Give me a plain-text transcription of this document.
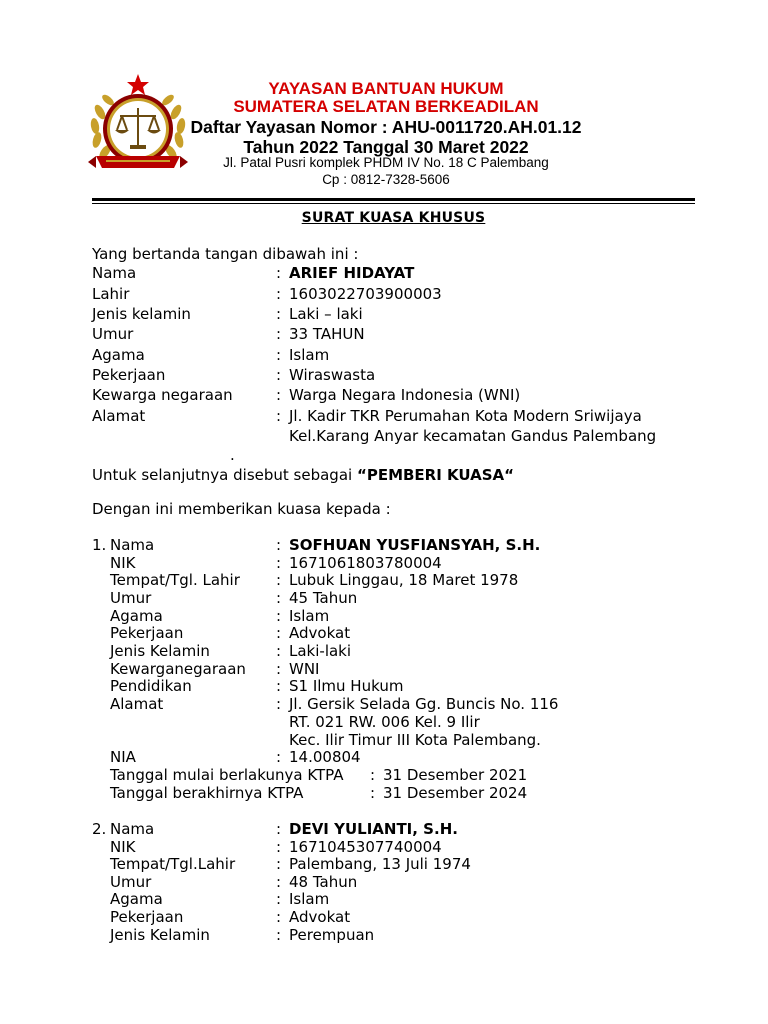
YAYASAN BANTUAN HUKUM
SUMATERA SELATAN BERKEADILAN
Daftar Yayasan Nomor : AHU-0011720.AH.01.12
Tahun 2022 Tanggal 30 Maret 2022
Jl. Patal Pusri komplek PHDM IV No. 18 C Palembang
Cp : 0812-7328-5606
SURAT KUASA KHUSUS
Yang bertanda tangan dibawah ini :
Nama	: ARIEF HIDAYAT
Lahir	: 1603022703900003
Jenis kelamin	: Laki – laki
Umur	: 33 TAHUN
Agama	: Islam
Pekerjaan	: Wiraswasta
Kewarga negaraan	: Warga Negara Indonesia (WNI)
Alamat	: Jl. Kadir TKR Perumahan Kota Modern Sriwijaya
Kel.Karang Anyar kecamatan Gandus Palembang
.
Untuk selanjutnya disebut sebagai “PEMBERI KUASA“
Dengan ini memberikan kuasa kepada :
1. Nama	: SOFHUAN YUSFIANSYAH, S.H.
NIK	: 1671061803780004
Tempat/Tgl. Lahir : Lubuk Linggau, 18 Maret 1978
Umur	: 45 Tahun
Agama	: Islam
Pekerjaan	: Advokat
Jenis Kelamin	: Laki-laki
Kewarganegaraan : WNI
Pendidikan	: S1 Ilmu Hukum
Alamat	: Jl. Gersik Selada Gg. Buncis No. 116
RT. 021 RW. 006 Kel. 9 Ilir
Kec. Ilir Timur III Kota Palembang.
NIA	: 14.00804
Tanggal mulai berlakunya KTPA : 31 Desember 2021
Tanggal berakhirnya KTPA	: 31 Desember 2024
2. Nama	: DEVI YULIANTI, S.H.
NIK	: 1671045307740004
Tempat/Tgl.Lahir	: Palembang, 13 Juli 1974
Umur	: 48 Tahun
Agama	: Islam
Pekerjaan	: Advokat
Jenis Kelamin	: Perempuan
